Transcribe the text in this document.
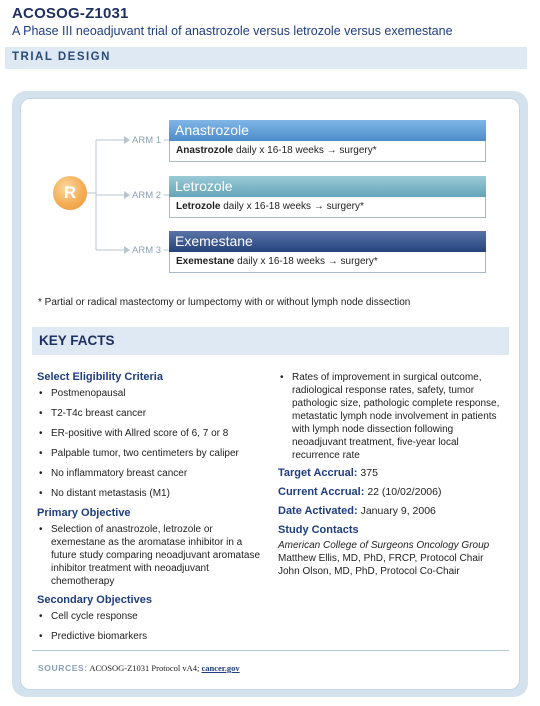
ACOSOG-Z1031
A Phase III neoadjuvant trial of anastrozole versus letrozole versus exemestane
TRIAL DESIGN
R
ARM 1
ARM 2
ARM 3
Anastrozole
Anastrozole daily x 16-18 weeks → surgery*
Letrozole
Letrozole daily x 16-18 weeks → surgery*
Exemestane
Exemestane daily x 16-18 weeks → surgery*
* Partial or radical mastectomy or lumpectomy with or without lymph node dissection
KEY FACTS
Select Eligibility Criteria
• Postmenopausal
• T2-T4c breast cancer
• ER-positive with Allred score of 6, 7 or 8
• Palpable tumor, two centimeters by caliper
• No inflammatory breast cancer
• No distant metastasis (M1)
Primary Objective
• Selection of anastrozole, letrozole or exemestane as the aromatase inhibitor in a future study comparing neoadjuvant aromatase inhibitor treatment with neoadjuvant chemotherapy
Secondary Objectives
• Cell cycle response
• Predictive biomarkers
• Rates of improvement in surgical outcome, radiological response rates, safety, tumor pathologic size, pathologic complete response, metastatic lymph node involvement in patients with lymph node dissection following neoadjuvant treatment, five-year local recurrence rate
Target Accrual: 375
Current Accrual: 22 (10/02/2006)
Date Activated: January 9, 2006
Study Contacts
American College of Surgeons Oncology Group
Matthew Ellis, MD, PhD, FRCP, Protocol Chair
John Olson, MD, PhD, Protocol Co-Chair
SOURCES: ACOSOG-Z1031 Protocol vA4; cancer.gov
